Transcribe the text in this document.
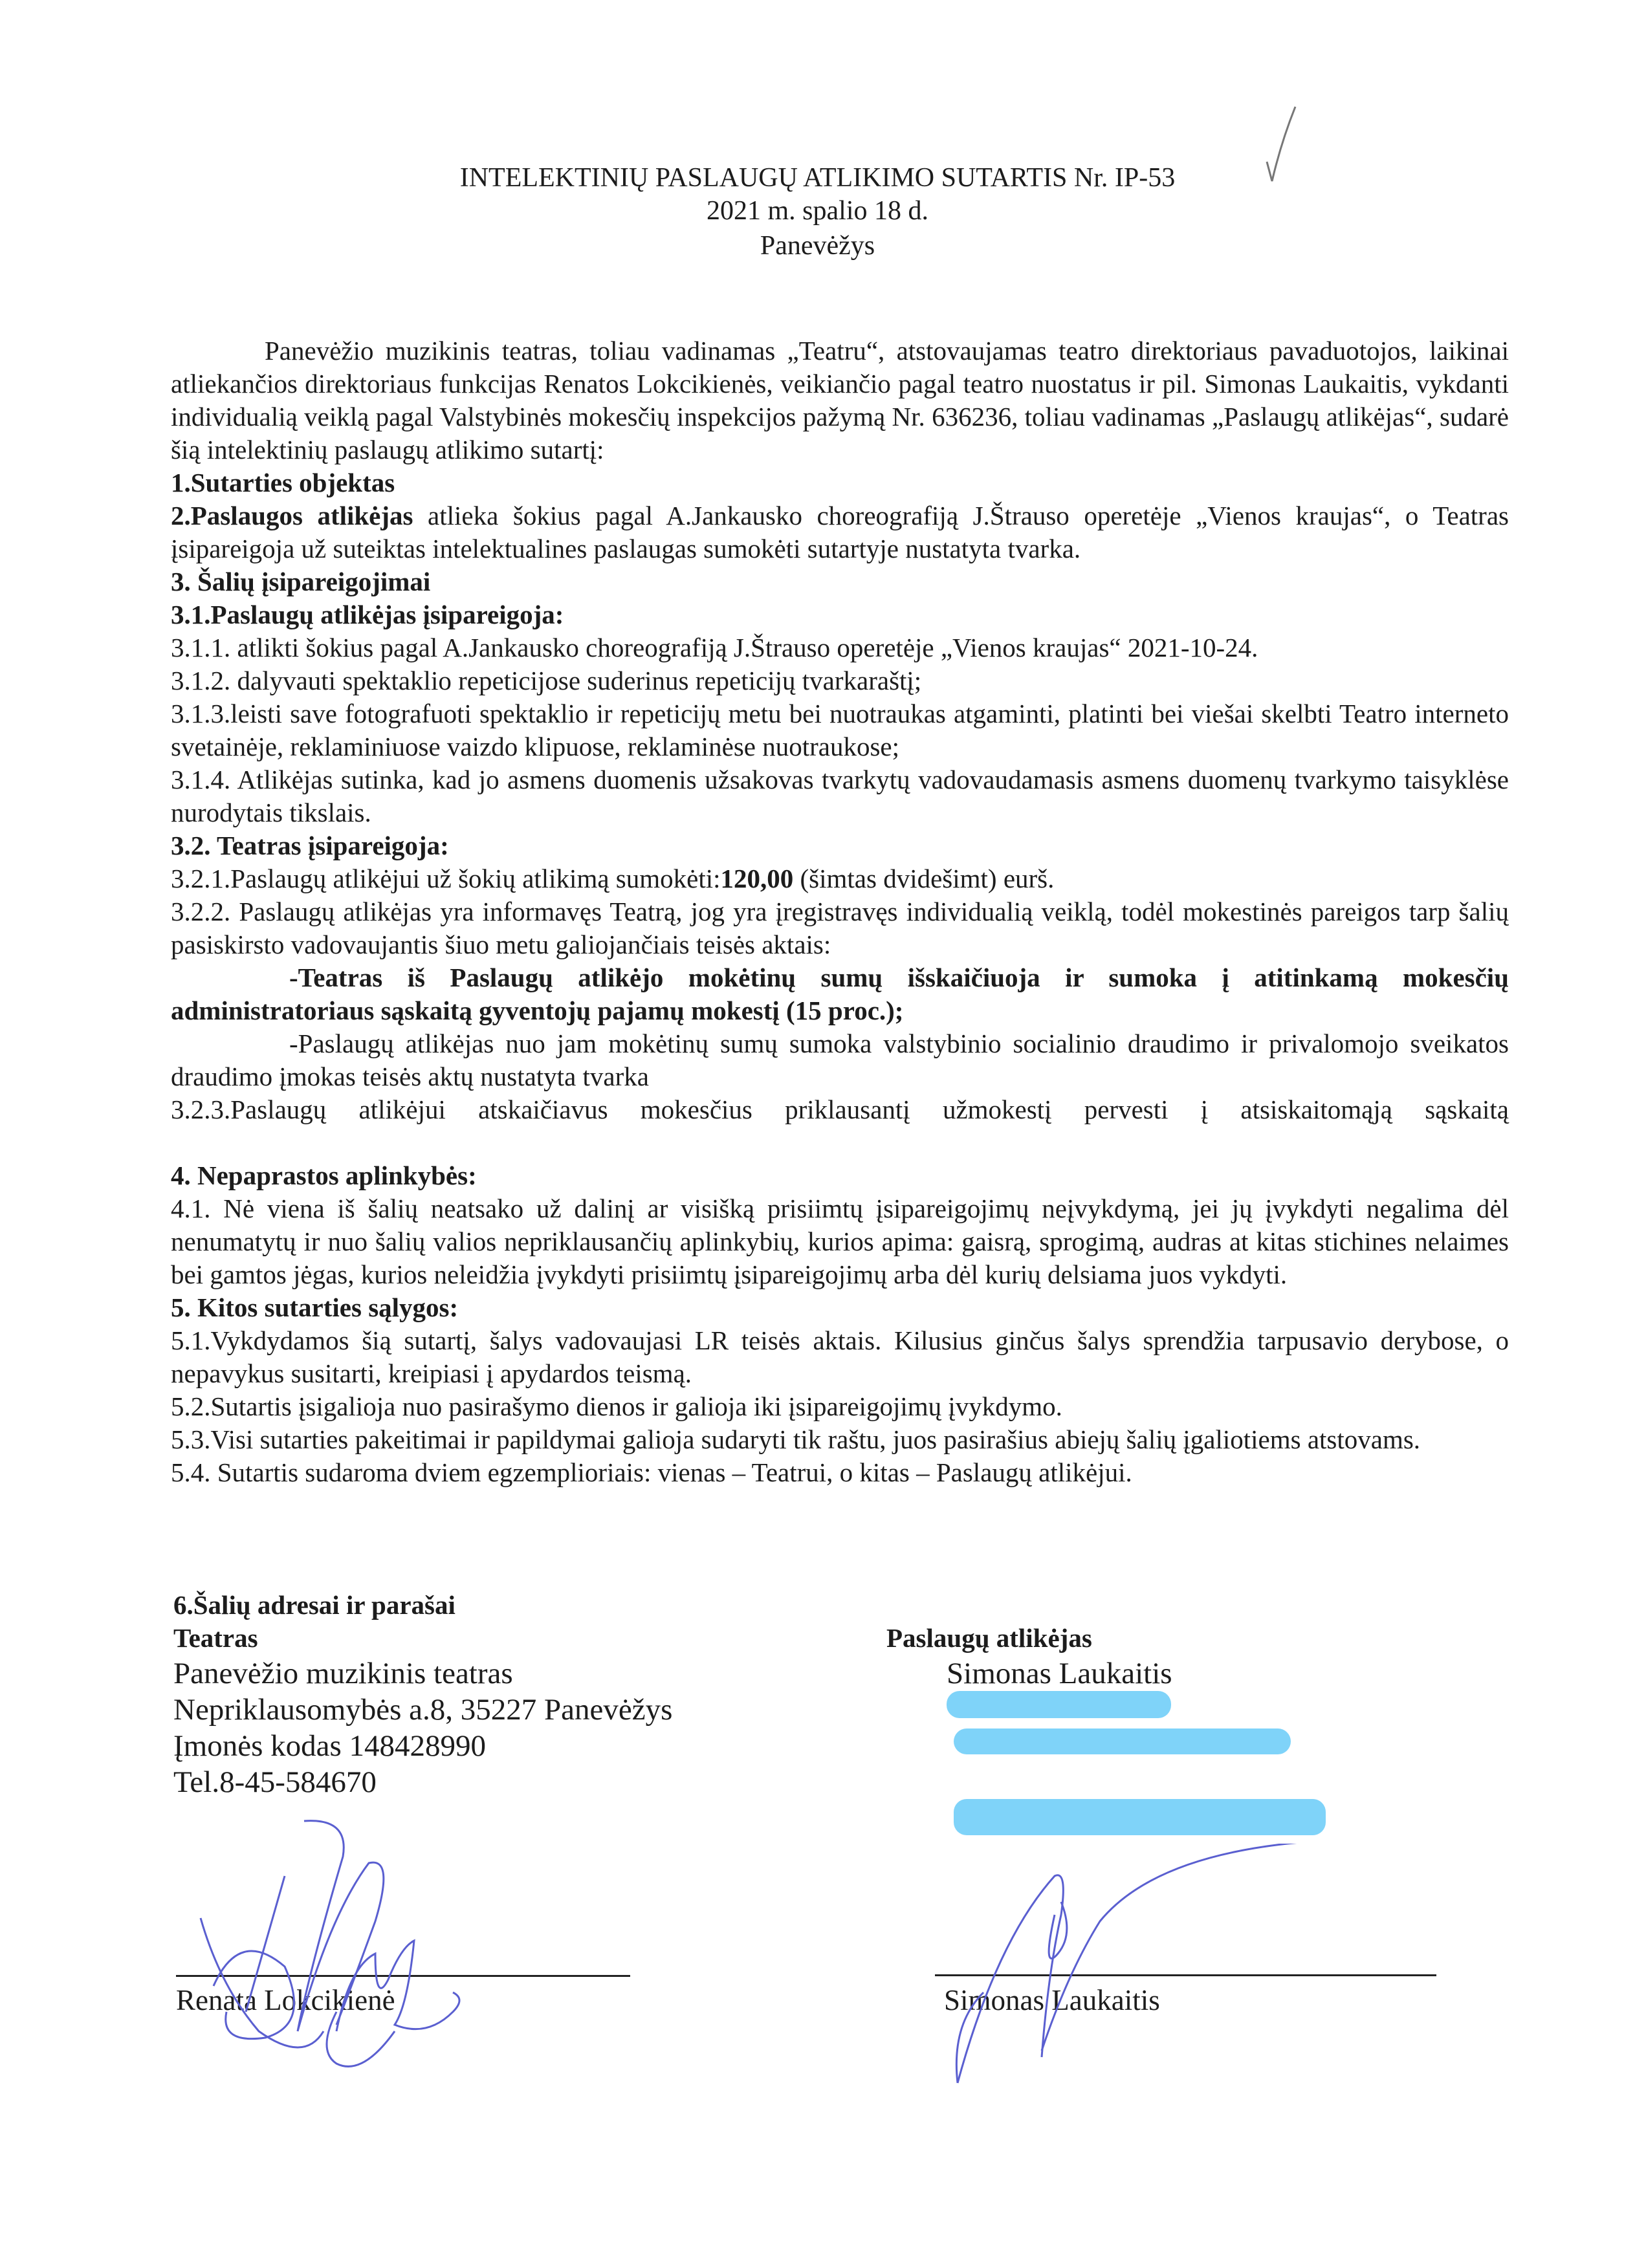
INTELEKTINIŲ PASLAUGŲ ATLIKIMO SUTARTIS Nr. IP-53
2021 m. spalio 18 d.
Panevėžys

Panevėžio muzikinis teatras, toliau vadinamas „Teatru“, atstovaujamas teatro direktoriaus pavaduotojos, laikinai atliekančios direktoriaus funkcijas Renatos Lokcikienės, veikiančio pagal teatro nuostatus ir pil. Simonas Laukaitis, vykdanti individualią veiklą pagal Valstybinės mokesčių inspekcijos pažymą Nr. 636236, toliau vadinamas „Paslaugų atlikėjas“, sudarė šią intelektinių paslaugų atlikimo sutartį:

1.Sutarties objektas

2.Paslaugos atlikėjas atlieka šokius pagal A.Jankausko choreografiją J.Štrauso operetėje „Vienos kraujas“, o Teatras įsipareigoja už suteiktas intelektualines paslaugas sumokėti sutartyje nustatyta tvarka.

3. Šalių įsipareigojimai

3.1.Paslaugų atlikėjas įsipareigoja:

3.1.1. atlikti šokius pagal A.Jankausko choreografiją J.Štrauso operetėje „Vienos kraujas“ 2021-10-24.

3.1.2. dalyvauti spektaklio repeticijose suderinus repeticijų tvarkaraštį;

3.1.3.leisti save fotografuoti spektaklio ir repeticijų metu bei nuotraukas atgaminti, platinti bei viešai skelbti Teatro interneto svetainėje, reklaminiuose vaizdo klipuose, reklaminėse nuotraukose;

3.1.4. Atlikėjas sutinka, kad jo asmens duomenis užsakovas tvarkytų vadovaudamasis asmens duomenų tvarkymo taisyklėse nurodytais tikslais.

3.2. Teatras įsipareigoja:

3.2.1.Paslaugų atlikėjui už šokių atlikimą sumokėti:120,00 (šimtas dvidešimt) eurš.

3.2.2. Paslaugų atlikėjas yra informavęs Teatrą, jog yra įregistravęs individualią veiklą, todėl mokestinės pareigos tarp šalių pasiskirsto vadovaujantis šiuo metu galiojančiais teisės aktais:

-Teatras iš Paslaugų atlikėjo mokėtinų sumų išskaičiuoja ir sumoka į atitinkamą mokesčių administratoriaus sąskaitą gyventojų pajamų mokestį (15 proc.);

-Paslaugų atlikėjas nuo jam mokėtinų sumų sumoka valstybinio socialinio draudimo ir privalomojo sveikatos draudimo įmokas teisės aktų nustatyta tvarka

3.2.3.Paslaugų atlikėjui atskaičiavus mokesčius priklausantį užmokestį pervesti į atsiskaitomąją sąskaitą

4. Nepaprastos aplinkybės:

4.1. Nė viena iš šalių neatsako už dalinį ar visišką prisiimtų įsipareigojimų neįvykdymą, jei jų įvykdyti negalima dėl nenumatytų ir nuo šalių valios nepriklausančių aplinkybių, kurios apima: gaisrą, sprogimą, audras at kitas stichines nelaimes bei gamtos jėgas, kurios neleidžia įvykdyti prisiimtų įsipareigojimų arba dėl kurių delsiama juos vykdyti.

5. Kitos sutarties sąlygos:

5.1.Vykdydamos šią sutartį, šalys vadovaujasi LR teisės aktais. Kilusius ginčus šalys sprendžia tarpusavio derybose, o nepavykus susitarti, kreipiasi į apydardos teismą.

5.2.Sutartis įsigalioja nuo pasirašymo dienos ir galioja iki įsipareigojimų įvykdymo.

5.3.Visi sutarties pakeitimai ir papildymai galioja sudaryti tik raštu, juos pasirašius abiejų šalių įgaliotiems atstovams.

5.4. Sutartis sudaroma dviem egzemplioriais: vienas – Teatrui, o kitas – Paslaugų atlikėjui.

6.Šalių adresai ir parašai
Teatras
Panevėžio muzikinis teatras
Nepriklausomybės a.8, 35227 Panevėžys
Įmonės kodas 148428990
Tel.8-45-584670
Paslaugų atlikėjas
Simonas Laukaitis
Renata Lokcikienė	Simonas Laukaitis
